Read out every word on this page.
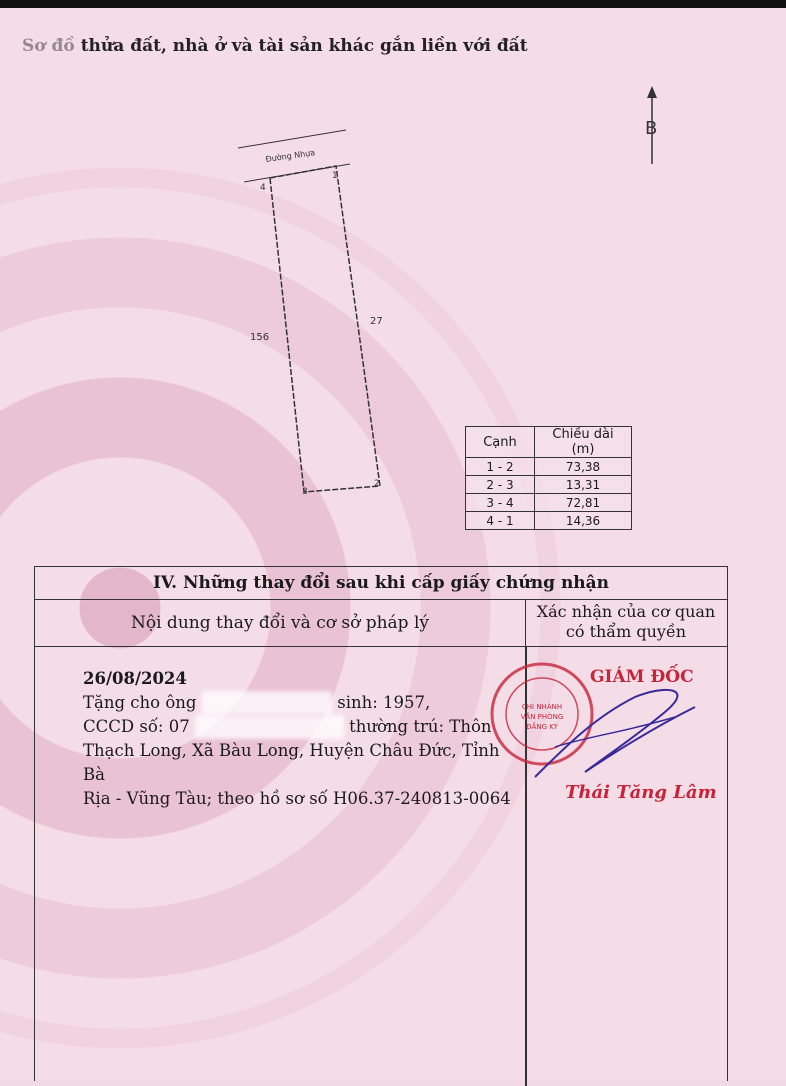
Sơ đồ thửa đất, nhà ở và tài sản khác gắn liền với đất
B
Đường Nhựa
4
1
2
3
156
27
Cạnh	Chiều dài (m)
1 - 2	73,38
2 - 3	13,31
3 - 4	72,81
4 - 1	14,36
IV. Những thay đổi sau khi cấp giấy chứng nhận
Nội dung thay đổi và cơ sở pháp lý
Xác nhận của cơ quan
có thẩm quyền
26/08/2024
Tặng cho ông	sinh: 1957,
CCCD số: 07	thường trú: Thôn
Thạch Long, Xã Bàu Long, Huyện Châu Đức, Tỉnh Bà
Rịa - Vũng Tàu; theo hồ sơ số H06.37-240813-0064
CHI NHÁNH
VĂN PHÒNG
ĐĂNG KÝ
GIÁM ĐỐC
Thái Tăng Lâm
